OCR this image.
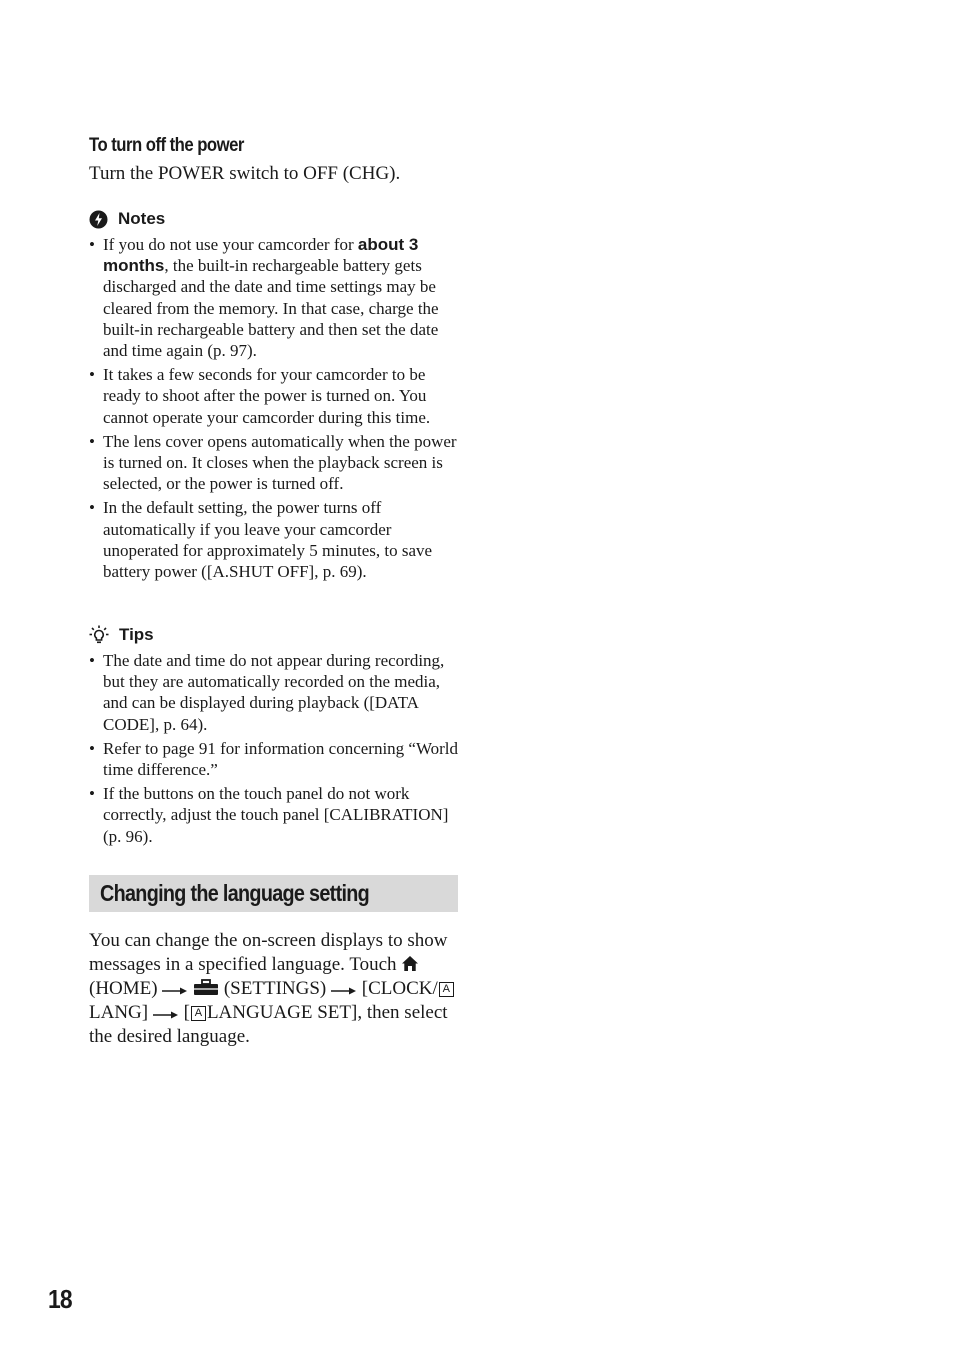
To turn off the power
Turn the POWER switch to OFF (CHG).
Notes
• If you do not use your camcorder for about 3 months, the built-in rechargeable battery gets discharged and the date and time settings may be cleared from the memory. In that case, charge the built-in rechargeable battery and then set the date and time again (p. 97).
• It takes a few seconds for your camcorder to be ready to shoot after the power is turned on. You cannot operate your camcorder during this time.
• The lens cover opens automatically when the power is turned on. It closes when the playback screen is selected, or the power is turned off.
• In the default setting, the power turns off automatically if you leave your camcorder unoperated for approximately 5 minutes, to save battery power ([A.SHUT OFF], p. 69).
Tips
• The date and time do not appear during recording, but they are automatically recorded on the media, and can be displayed during playback ([DATA CODE], p. 64).
• Refer to page 91 for information concerning “World time difference.”
• If the buttons on the touch panel do not work correctly, adjust the touch panel [CALIBRATION] (p. 96).
Changing the language setting
You can change the on-screen displays to show messages in a specified language. Touch  (HOME)	(SETTINGS) [CLOCK/ ALANG] [ A LANGUAGE SET], then select the desired language.
18
